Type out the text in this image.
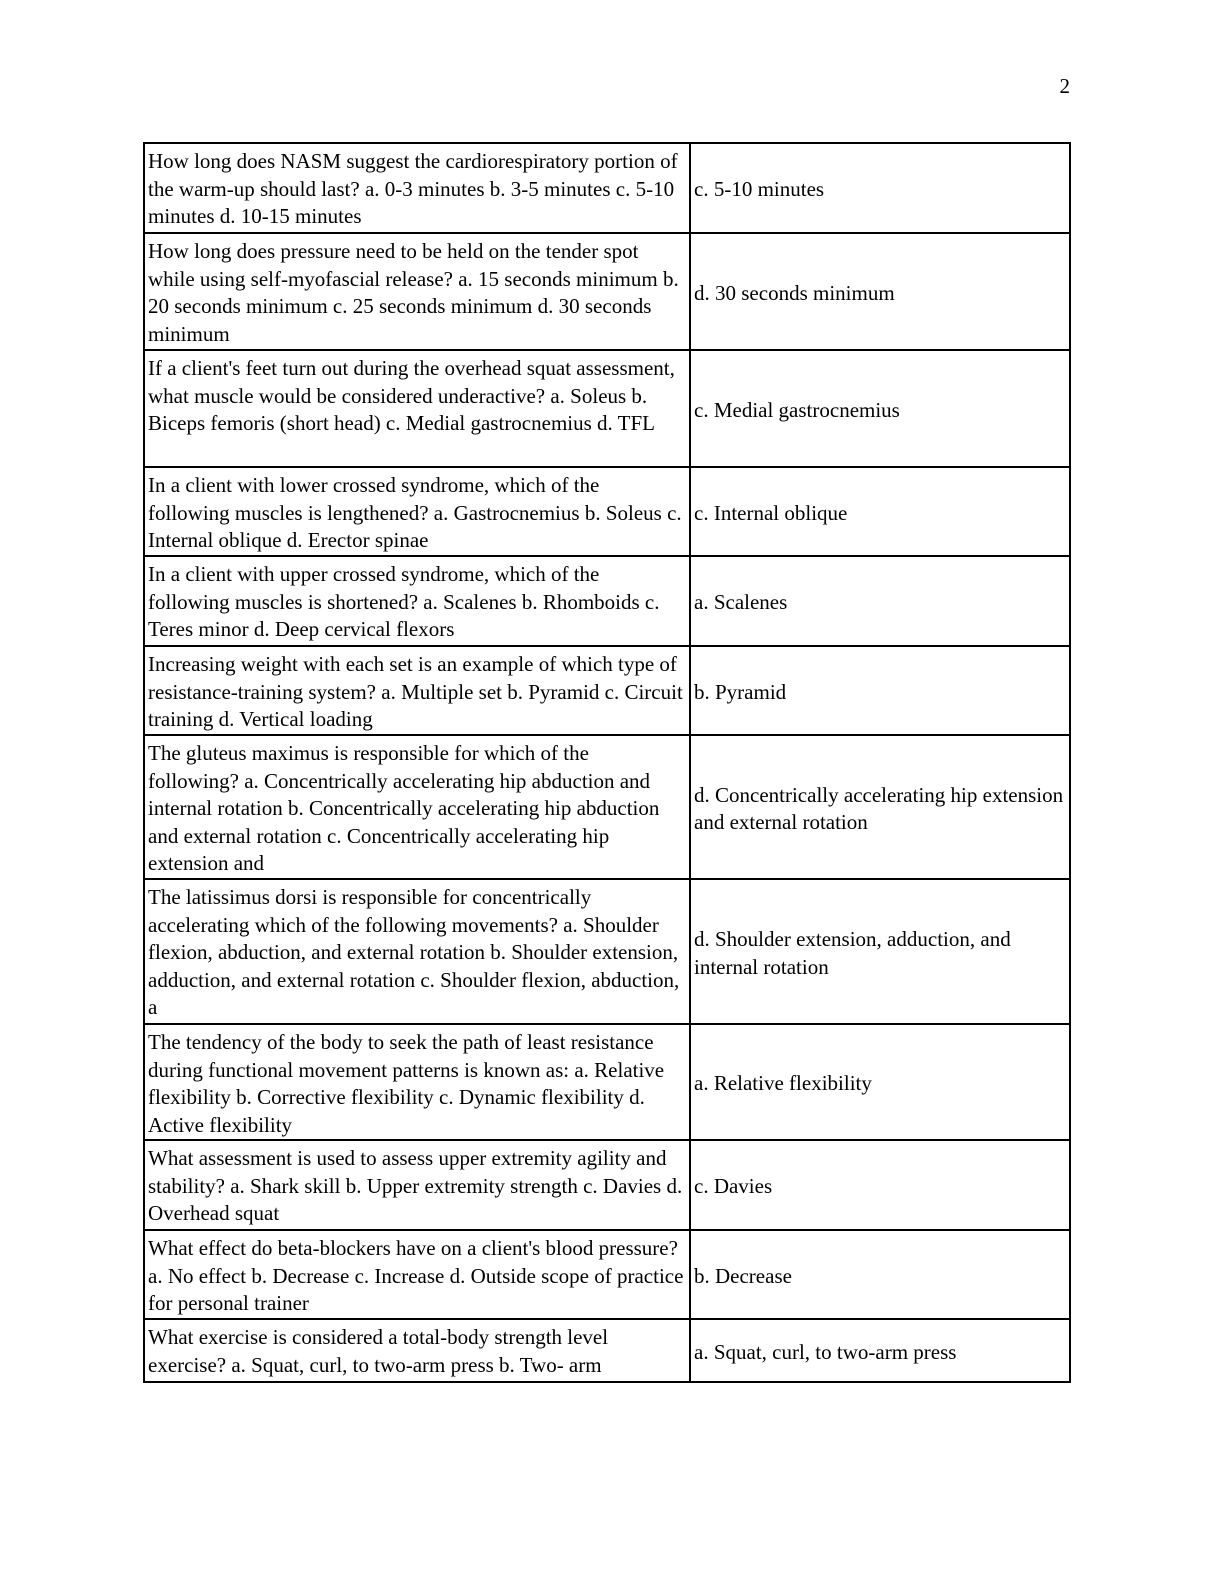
2
How long does NASM suggest the cardiorespiratory portion of the warm-up should last? a. 0-3 minutes b. 3-5 minutes c. 5-10 minutes d. 10-15 minutes	c. 5-10 minutes

How long does pressure need to be held on the tender spot while using self-myofascial release? a. 15 seconds minimum b. 20 seconds minimum c. 25 seconds minimum d. 30 seconds minimum	d. 30 seconds minimum

If a client's feet turn out during the overhead squat assessment, what muscle would be considered underactive? a. Soleus b. Biceps femoris (short head) c. Medial gastrocnemius d. TFL	c. Medial gastrocnemius

In a client with lower crossed syndrome, which of the following muscles is lengthened? a. Gastrocnemius b. Soleus c. Internal oblique d. Erector spinae	c. Internal oblique

In a client with upper crossed syndrome, which of the following muscles is shortened? a. Scalenes b. Rhomboids c. Teres minor d. Deep cervical flexors	a. Scalenes

Increasing weight with each set is an example of which type of resistance-training system? a. Multiple set b. Pyramid c. Circuit training d. Vertical loading	b. Pyramid

The gluteus maximus is responsible for which of the following? a. Concentrically accelerating hip abduction and internal rotation b. Concentrically accelerating hip abduction and external rotation c. Concentrically accelerating hip extension and	d. Concentrically accelerating hip extension and external rotation

The latissimus dorsi is responsible for concentrically accelerating which of the following movements? a. Shoulder flexion, abduction, and external rotation b. Shoulder extension, adduction, and external rotation c. Shoulder flexion, abduction, a	d. Shoulder extension, adduction, and internal rotation

The tendency of the body to seek the path of least resistance during functional movement patterns is known as: a. Relative flexibility b. Corrective flexibility c. Dynamic flexibility d. Active flexibility	a. Relative flexibility

What assessment is used to assess upper extremity agility and stability? a. Shark skill b. Upper extremity strength c. Davies d. Overhead squat	c. Davies

What effect do beta-blockers have on a client's blood pressure? a. No effect b. Decrease c. Increase d. Outside scope of practice for personal trainer	b. Decrease

What exercise is considered a total-body strength level exercise? a. Squat, curl, to two-arm press b. Two- arm	a. Squat, curl, to two-arm press
